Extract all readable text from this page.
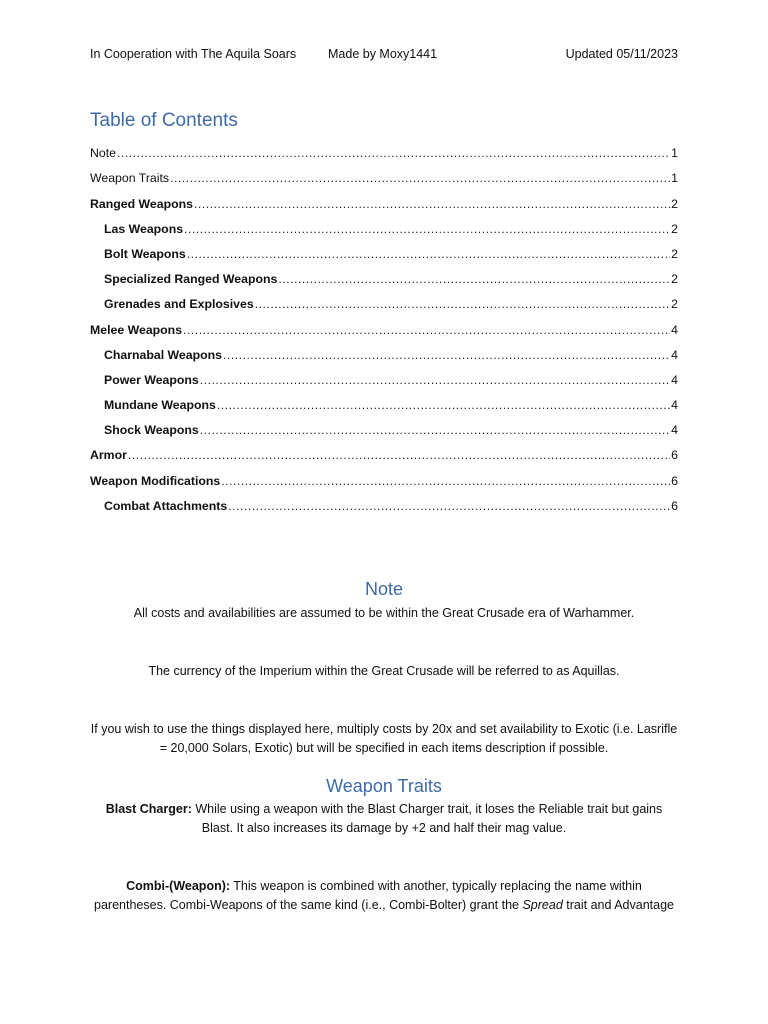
In Cooperation with The Aquila Soars	Made by Moxy1441	Updated 05/11/2023
Table of Contents
Note .....	1
Weapon Traits .....	1
Ranged Weapons .....	2
Las Weapons .....	2
Bolt Weapons .....	2
Specialized Ranged Weapons .....	2
Grenades and Explosives .....	2
Melee Weapons .....	4
Charnabal Weapons .....	4
Power Weapons .....	4
Mundane Weapons .....	4
Shock Weapons .....	4
Armor .....	6
Weapon Modifications .....	6
Combat Attachments .....	6
Note

All costs and availabilities are assumed to be within the Great Crusade era of Warhammer.

The currency of the Imperium within the Great Crusade will be referred to as Aquillas.

If you wish to use the things displayed here, multiply costs by 20x and set availability to Exotic (i.e. Lasrifle = 20,000 Solars, Exotic) but will be specified in each items description if possible.

Weapon Traits

Blast Charger: While using a weapon with the Blast Charger trait, it loses the Reliable trait but gains Blast. It also increases its damage by +2 and half their mag value.

Combi-(Weapon): This weapon is combined with another, typically replacing the name within parentheses. Combi-Weapons of the same kind (i.e., Combi-Bolter) grant the Spread trait and Advantage
